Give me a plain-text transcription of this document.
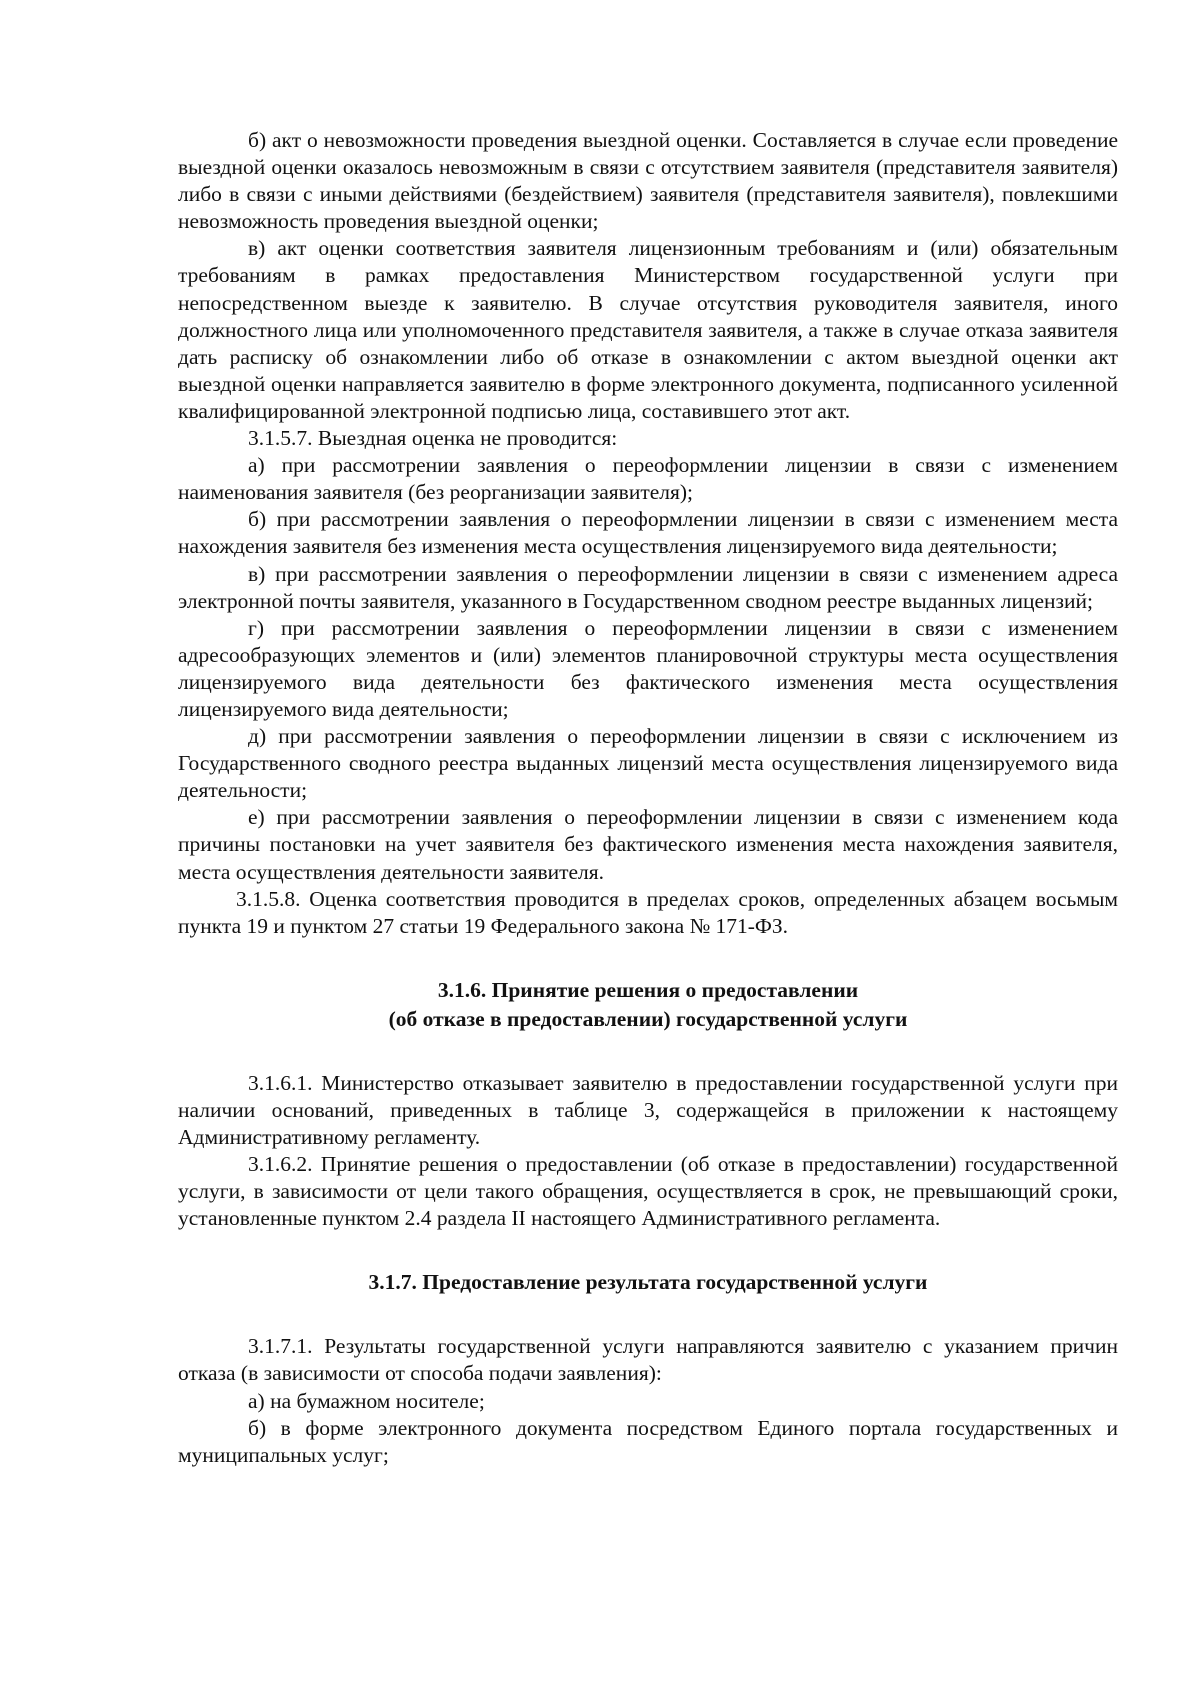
б) акт о невозможности проведения выездной оценки. Составляется в случае если проведение выездной оценки оказалось невозможным в связи с отсутствием заявителя (представителя заявителя) либо в связи с иными действиями (бездействием) заявителя (представителя заявителя), повлекшими невозможность проведения выездной оценки;

в) акт оценки соответствия заявителя лицензионным требованиям и (или) обязательным требованиям в рамках предоставления Министерством государственной услуги при непосредственном выезде к заявителю. В случае отсутствия руководителя заявителя, иного должностного лица или уполномоченного представителя заявителя, а также в случае отказа заявителя дать расписку об ознакомлении либо об отказе в ознакомлении с актом выездной оценки акт выездной оценки направляется заявителю в форме электронного документа, подписанного усиленной квалифицированной электронной подписью лица, составившего этот акт.

3.1.5.7. Выездная оценка не проводится:

а) при рассмотрении заявления о переоформлении лицензии в связи с изменением наименования заявителя (без реорганизации заявителя);

б) при рассмотрении заявления о переоформлении лицензии в связи с изменением места нахождения заявителя без изменения места осуществления лицензируемого вида деятельности;

в) при рассмотрении заявления о переоформлении лицензии в связи с изменением адреса электронной почты заявителя, указанного в Государственном сводном реестре выданных лицензий;

г) при рассмотрении заявления о переоформлении лицензии в связи с изменением адресообразующих элементов и (или) элементов планировочной структуры места осуществления лицензируемого вида деятельности без фактического изменения места осуществления лицензируемого вида деятельности;

д) при рассмотрении заявления о переоформлении лицензии в связи с исключением из Государственного сводного реестра выданных лицензий места осуществления лицензируемого вида деятельности;

е) при рассмотрении заявления о переоформлении лицензии в связи с изменением кода причины постановки на учет заявителя без фактического изменения места нахождения заявителя, места осуществления деятельности заявителя.

3.1.5.8. Оценка соответствия проводится в пределах сроков, определенных абзацем восьмым пункта 19 и пунктом 27 статьи 19 Федерального закона № 171-ФЗ.

3.1.6. Принятие решения о предоставлении

(об отказе в предоставлении) государственной услуги

3.1.6.1. Министерство отказывает заявителю в предоставлении государственной услуги при наличии оснований, приведенных в таблице 3, содержащейся в приложении к настоящему Административному регламенту.

3.1.6.2. Принятие решения о предоставлении (об отказе в предоставлении) государственной услуги, в зависимости от цели такого обращения, осуществляется в срок, не превышающий сроки, установленные пунктом 2.4 раздела II настоящего Административного регламента.

3.1.7. Предоставление результата государственной услуги

3.1.7.1. Результаты государственной услуги направляются заявителю с указанием причин отказа (в зависимости от способа подачи заявления):

а) на бумажном носителе;

б) в форме электронного документа посредством Единого портала государственных и муниципальных услуг;
